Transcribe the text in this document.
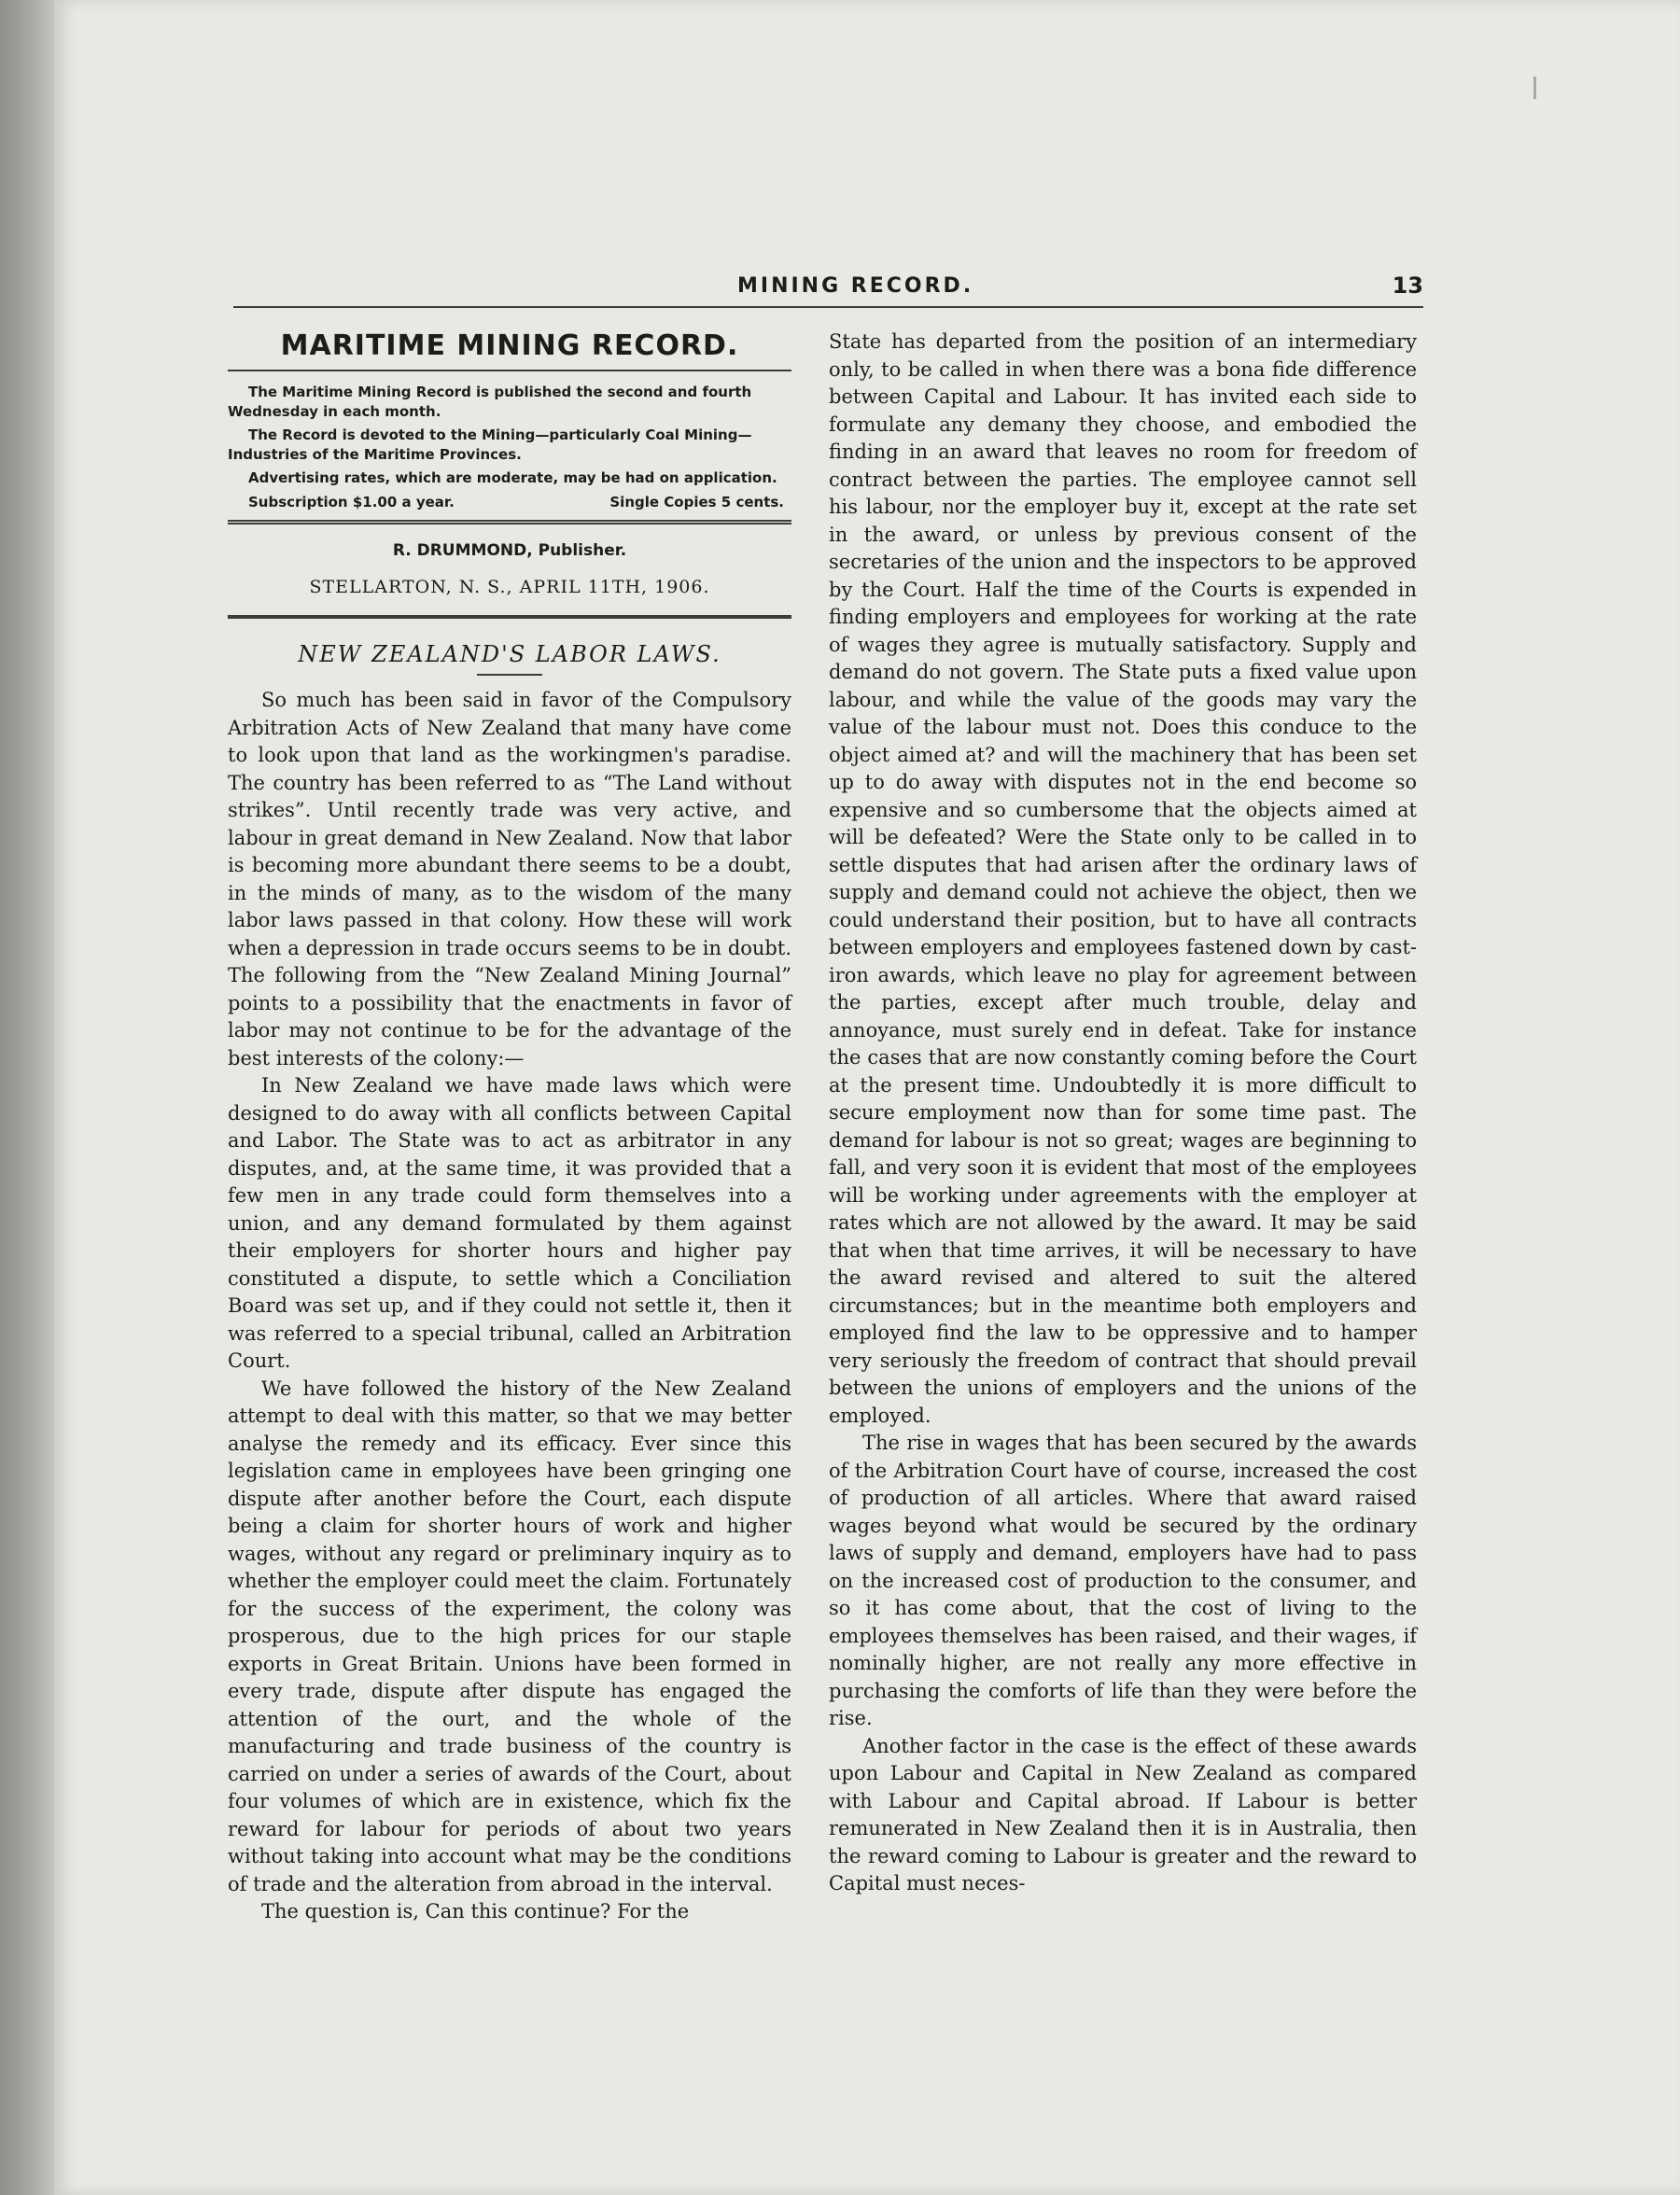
MINING RECORD.	13
MARITIME MINING RECORD.

The Maritime Mining Record is published the second and fourth Wednesday in each month.

The Record is devoted to the Mining—particularly Coal Mining—Industries of the Maritime Provinces.

Advertising rates, which are moderate, may be had on application.

Subscription $1.00 a year.	Single Copies 5 cents.
R. DRUMMOND, Publisher.
STELLARTON, N. S., APRIL 11TH, 1906.
NEW ZEALAND'S LABOR LAWS.

So much has been said in favor of the Compulsory Arbitration Acts of New Zealand that many have come to look upon that land as the workingmen's paradise. The country has been referred to as “The Land without strikes”. Until recently trade was very active, and labour in great demand in New Zealand. Now that labor is becoming more abundant there seems to be a doubt, in the minds of many, as to the wisdom of the many labor laws passed in that colony. How these will work when a depression in trade occurs seems to be in doubt. The following from the “New Zealand Mining Journal” points to a possibility that the enactments in favor of labor may not continue to be for the advantage of the best interests of the colony:—

In New Zealand we have made laws which were designed to do away with all conflicts between Capital and Labor. The State was to act as arbitrator in any disputes, and, at the same time, it was provided that a few men in any trade could form themselves into a union, and any demand formulated by them against their employers for shorter hours and higher pay constituted a dispute, to settle which a Conciliation Board was set up, and if they could not settle it, then it was referred to a special tribunal, called an Arbitration Court.

We have followed the history of the New Zealand attempt to deal with this matter, so that we may better analyse the remedy and its efficacy. Ever since this legislation came in employees have been gringing one dispute after another before the Court, each dispute being a claim for shorter hours of work and higher wages, without any regard or preliminary inquiry as to whether the employer could meet the claim. Fortunately for the success of the experiment, the colony was prosperous, due to the high prices for our staple exports in Great Britain. Unions have been formed in every trade, dispute after dispute has engaged the attention of the ourt, and the whole of the manufacturing and trade business of the country is carried on under a series of awards of the Court, about four volumes of which are in existence, which fix the reward for labour for periods of about two years without taking into account what may be the conditions of trade and the alteration from abroad in the interval.

The question is, Can this continue? For the

State has departed from the position of an intermediary only, to be called in when there was a bona fide difference between Capital and Labour. It has invited each side to formulate any demany they choose, and embodied the finding in an award that leaves no room for freedom of contract between the parties. The employee cannot sell his labour, nor the employer buy it, except at the rate set in the award, or unless by previous consent of the secretaries of the union and the inspectors to be approved by the Court. Half the time of the Courts is expended in finding employers and employees for working at the rate of wages they agree is mutually satisfactory. Supply and demand do not govern. The State puts a fixed value upon labour, and while the value of the goods may vary the value of the labour must not. Does this conduce to the object aimed at? and will the machinery that has been set up to do away with disputes not in the end become so expensive and so cumbersome that the objects aimed at will be defeated? Were the State only to be called in to settle disputes that had arisen after the ordinary laws of supply and demand could not achieve the object, then we could understand their position, but to have all contracts between employers and employees fastened down by cast-iron awards, which leave no play for agreement between the parties, except after much trouble, delay and annoyance, must surely end in defeat. Take for instance the cases that are now constantly coming before the Court at the present time. Undoubtedly it is more difficult to secure employment now than for some time past. The demand for labour is not so great; wages are beginning to fall, and very soon it is evident that most of the employees will be working under agreements with the employer at rates which are not allowed by the award. It may be said that when that time arrives, it will be necessary to have the award revised and altered to suit the altered circumstances; but in the meantime both employers and employed find the law to be oppressive and to hamper very seriously the freedom of contract that should prevail between the unions of employers and the unions of the employed.

The rise in wages that has been secured by the awards of the Arbitration Court have of course, increased the cost of production of all articles. Where that award raised wages beyond what would be secured by the ordinary laws of supply and demand, employers have had to pass on the increased cost of production to the consumer, and so it has come about, that the cost of living to the employees themselves has been raised, and their wages, if nominally higher, are not really any more effective in purchasing the comforts of life than they were before the rise.

Another factor in the case is the effect of these awards upon Labour and Capital in New Zealand as compared with Labour and Capital abroad. If Labour is better remunerated in New Zealand then it is in Australia, then the reward coming to Labour is greater and the reward to Capital must neces-
